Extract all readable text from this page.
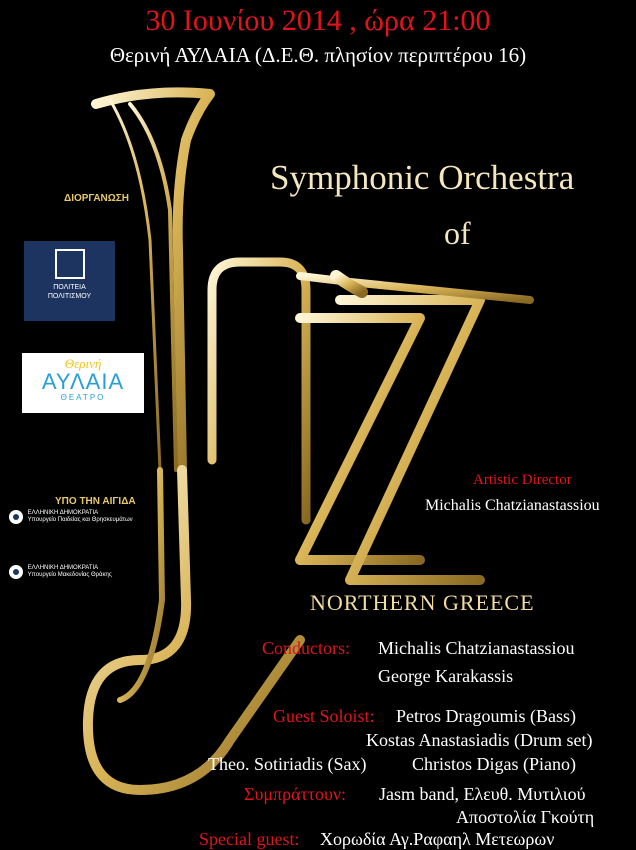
30 Ιουνίου 2014 , ώρα 21:00
Θερινή ΑΥΛΑΙΑ (Δ.Ε.Θ. πλησίον περιπτέρου 16)
Symphonic Orchestra
of
NORTHERN GREECE
ΔΙΟΡΓΑΝΩΣΗ
ΠΟΛΙΤΕΙΑ
ΠΟΛΙΤΙΣΜΟΥ
Θερινή
ΑΥΛΑΙΑ
ΘΕΑΤΡΟ
ΥΠΟ ΤΗΝ ΑΙΓΙΔΑ

ΕΛΛΗΝΙΚΗ ΔΗΜΟΚΡΑΤΙΑ
Υπουργείο Παιδείας και Θρησκευμάτων

ΕΛΛΗΝΙΚΗ ΔΗΜΟΚΡΑΤΙΑ
Υπουργείο Μακεδονίας Θράκης
Artistic Director
Michalis Chatzianastassiou
Conductors: Michalis Chatzianastassiou
George Karakassis
Guest Soloist: Petros Dragoumis (Bass)
Kostas Anastasiadis (Drum set)
Theo. Sotiriadis (Sax)	Christos Digas (Piano)
Συμπράττουν: Jasm band, Ελευθ. Μυτιλιού
Αποστολία Γκούτη
Special guest: Χορωδία Αγ.Ραφαηλ Μετεωρων
